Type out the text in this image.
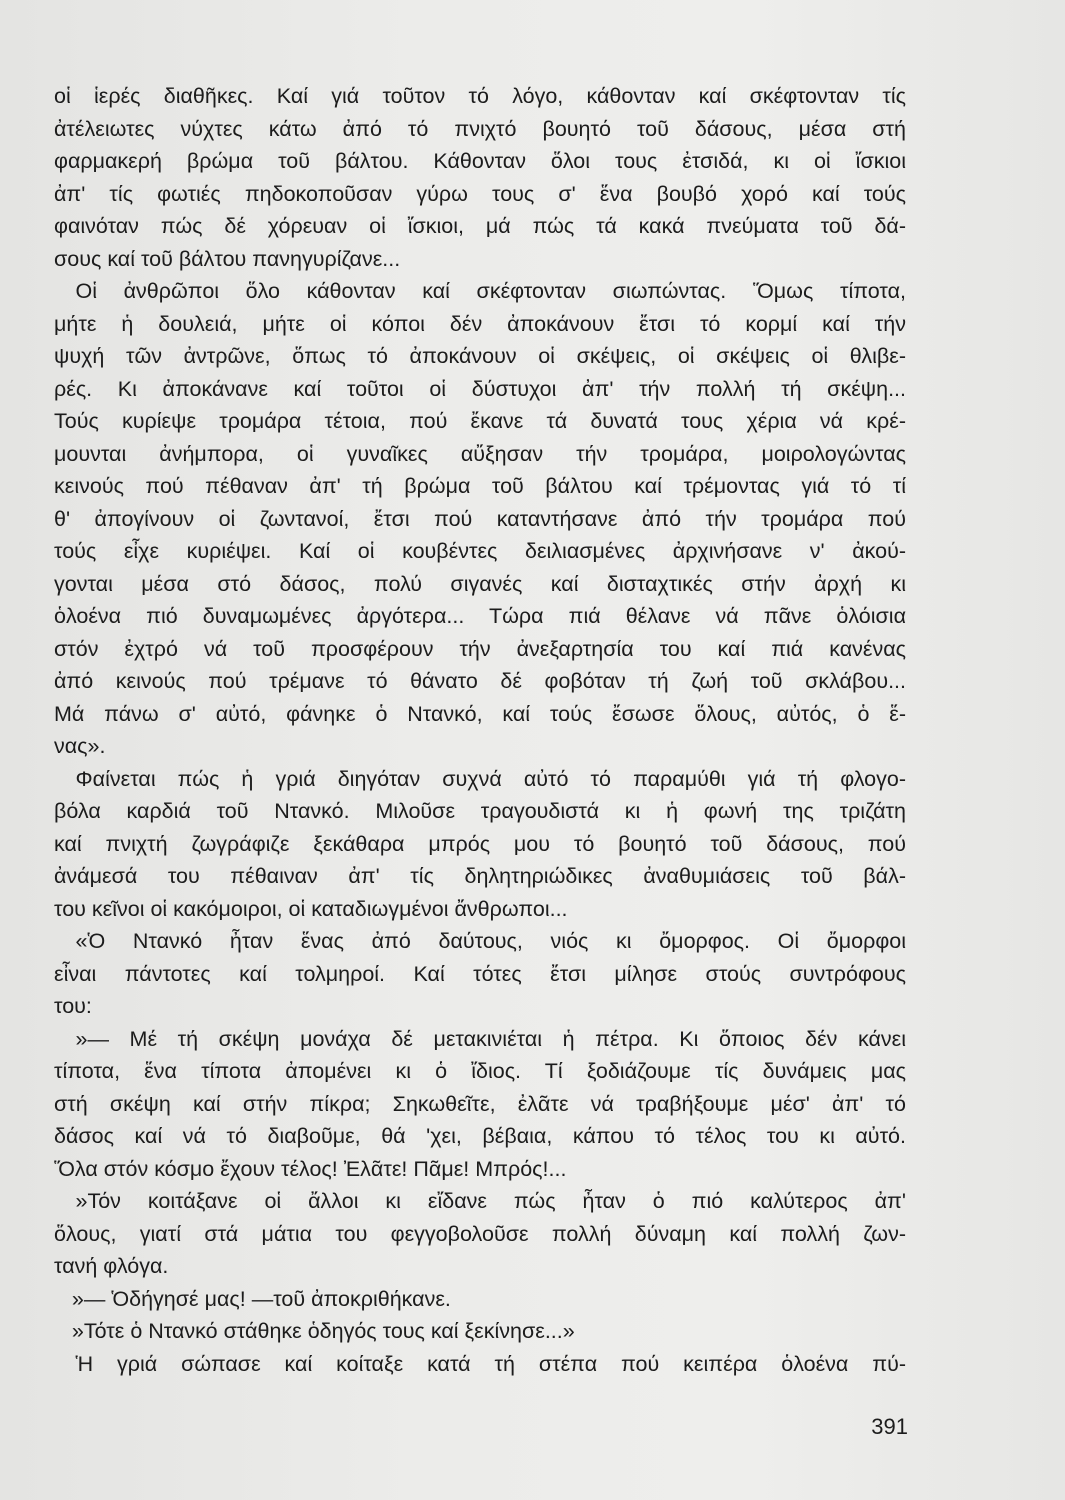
οἱ ἱερές διαθῆκες. Καί γιά τοῦτον τό λόγο, κάθονταν καί σκέφτονταν τίς
ἀτέλειωτες νύχτες κάτω ἀπό τό πνιχτό βουητό τοῦ δάσους, μέσα στή
φαρμακερή βρώμα τοῦ βάλτου. Κάθονταν ὅλοι τους ἐτσιδά, κι οἱ ἴσκιοι
ἀπ' τίς φωτιές πηδοκοποῦσαν γύρω τους σ' ἕνα βουβό χορό καί τούς
φαινόταν πώς δέ χόρευαν οἱ ἴσκιοι, μά πώς τά κακά πνεύματα τοῦ δά-
σους καί τοῦ βάλτου πανηγυρίζανε...
 Οἱ ἀνθρῶποι ὅλο κάθονταν καί σκέφτονταν σιωπώντας. Ὅμως τίποτα,
μήτε ἡ δουλειά, μήτε οἱ κόποι δέν ἀποκάνουν ἔτσι τό κορμί καί τήν
ψυχή τῶν ἀντρῶνε, ὅπως τό ἀποκάνουν οἱ σκέψεις, οἱ σκέψεις οἱ θλιβε-
ρές. Κι ἀποκάνανε καί τοῦτοι οἱ δύστυχοι ἀπ' τήν πολλή τή σκέψη...
Τούς κυρίεψε τρομάρα τέτοια, πού ἔκανε τά δυνατά τους χέρια νά κρέ-
μουνται ἀνήμπορα, οἱ γυναῖκες αὔξησαν τήν τρομάρα, μοιρολογώντας
κεινούς πού πέθαναν ἀπ' τή βρώμα τοῦ βάλτου καί τρέμοντας γιά τό τί
θ' ἀπογίνουν οἱ ζωντανοί, ἔτσι πού καταντήσανε ἀπό τήν τρομάρα πού
τούς εἶχε κυριέψει. Καί οἱ κουβέντες δειλιασμένες ἀρχινήσανε ν' ἀκού-
γονται μέσα στό δάσος, πολύ σιγανές καί δισταχτικές στήν ἀρχή κι
ὁλοένα πιό δυναμωμένες ἀργότερα... Τώρα πιά θέλανε νά πᾶνε ὁλόισια
στόν ἐχτρό νά τοῦ προσφέρουν τήν ἀνεξαρτησία του καί πιά κανένας
ἀπό κεινούς πού τρέμανε τό θάνατο δέ φοβόταν τή ζωή τοῦ σκλάβου...
Μά πάνω σ' αὐτό, φάνηκε ὁ Ντανκό, καί τούς ἔσωσε ὅλους, αὐτός, ὁ ἕ-
νας».
 Φαίνεται πώς ἡ γριά διηγόταν συχνά αὐτό τό παραμύθι γιά τή φλογο-
βόλα καρδιά τοῦ Ντανκό. Μιλοῦσε τραγουδιστά κι ἡ φωνή της τριζάτη
καί πνιχτή ζωγράφιζε ξεκάθαρα μπρός μου τό βουητό τοῦ δάσους, πού
ἀνάμεσά του πέθαιναν ἀπ' τίς δηλητηριώδικες ἀναθυμιάσεις τοῦ βάλ-
του κεῖνοι οἱ κακόμοιροι, οἱ καταδιωγμένοι ἄνθρωποι...
 «Ὁ Ντανκό ἦταν ἕνας ἀπό δαύτους, νιός κι ὄμορφος. Οἱ ὄμορφοι
εἶναι πάντοτες καί τολμηροί. Καί τότες ἔτσι μίλησε στούς συντρόφους
του:
 »— Μέ τή σκέψη μονάχα δέ μετακινιέται ἡ πέτρα. Κι ὅποιος δέν κάνει
τίποτα, ἕνα τίποτα ἀπομένει κι ὁ ἴδιος. Τί ξοδιάζουμε τίς δυνάμεις μας
στή σκέψη καί στήν πίκρα; Σηκωθεῖτε, ἐλᾶτε νά τραβήξουμε μέσ' ἀπ' τό
δάσος καί νά τό διαβοῦμε, θά 'χει, βέβαια, κάπου τό τέλος του κι αὐτό.
Ὅλα στόν κόσμο ἔχουν τέλος! Ἐλᾶτε! Πᾶμε! Μπρός!...
 »Τόν κοιτάξανε οἱ ἄλλοι κι εἴδανε πώς ἦταν ὁ πιό καλύτερος ἀπ'
ὅλους, γιατί στά μάτια του φεγγοβολοῦσε πολλή δύναμη καί πολλή ζων-
τανή φλόγα.
»— Ὁδήγησέ μας! —τοῦ ἀποκριθήκανε.
»Τότε ὁ Ντανκό στάθηκε ὁδηγός τους καί ξεκίνησε...»
 Ἡ γριά σώπασε καί κοίταξε κατά τή στέπα πού κειπέρα ὁλοένα πύ-
391
